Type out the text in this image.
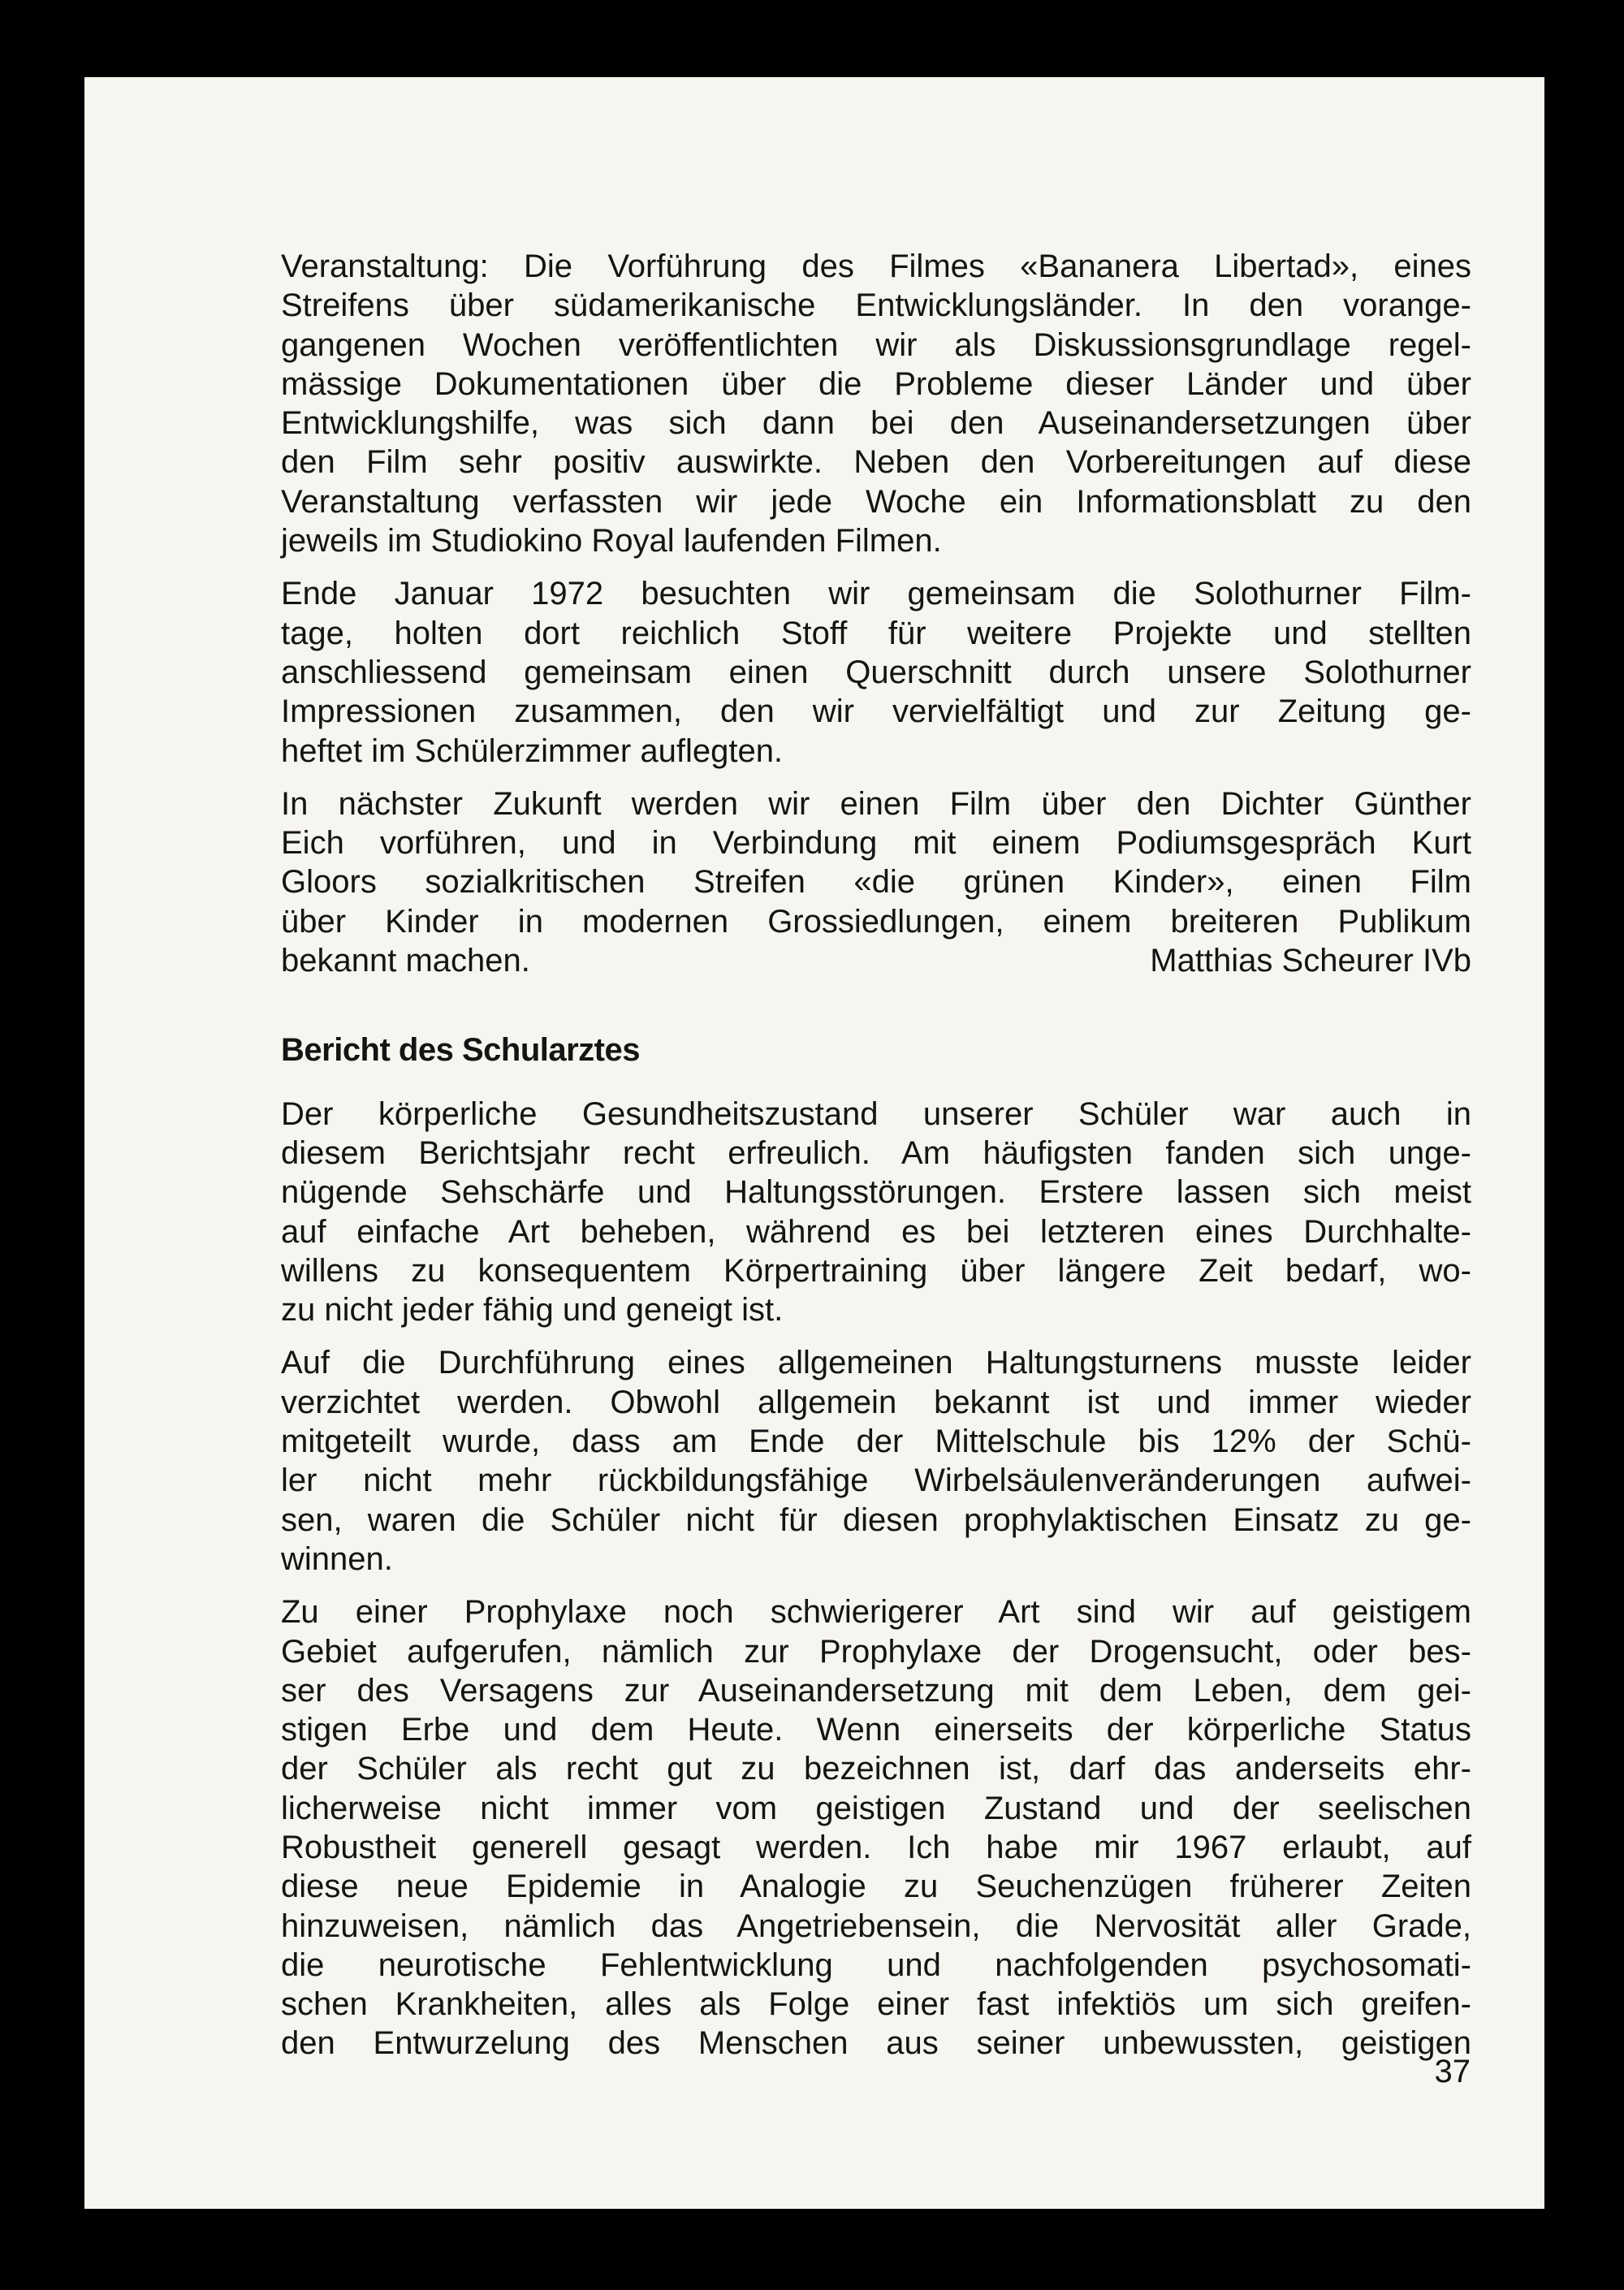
Veranstaltung: Die Vorführung des Filmes «Bananera Libertad», eines
Streifens über südamerikanische Entwicklungsländer. In den vorange-
gangenen Wochen veröffentlichten wir als Diskussionsgrundlage regel-
mässige Dokumentationen über die Probleme dieser Länder und über
Entwicklungshilfe, was sich dann bei den Auseinandersetzungen über
den Film sehr positiv auswirkte. Neben den Vorbereitungen auf diese
Veranstaltung verfassten wir jede Woche ein Informationsblatt zu den
jeweils im Studiokino Royal laufenden Filmen.
Ende Januar 1972 besuchten wir gemeinsam die Solothurner Film-
tage, holten dort reichlich Stoff für weitere Projekte und stellten
anschliessend gemeinsam einen Querschnitt durch unsere Solothurner
Impressionen zusammen, den wir vervielfältigt und zur Zeitung ge-
heftet im Schülerzimmer auflegten.
In nächster Zukunft werden wir einen Film über den Dichter Günther
Eich vorführen, und in Verbindung mit einem Podiumsgespräch Kurt
Gloors sozialkritischen Streifen «die grünen Kinder», einen Film
über Kinder in modernen Grossiedlungen, einem breiteren Publikum
bekannt machen.	Matthias Scheurer IVb
Bericht des Schularztes
Der körperliche Gesundheitszustand unserer Schüler war auch in
diesem Berichtsjahr recht erfreulich. Am häufigsten fanden sich unge-
nügende Sehschärfe und Haltungsstörungen. Erstere lassen sich meist
auf einfache Art beheben, während es bei letzteren eines Durchhalte-
willens zu konsequentem Körpertraining über längere Zeit bedarf, wo-
zu nicht jeder fähig und geneigt ist.
Auf die Durchführung eines allgemeinen Haltungsturnens musste leider
verzichtet werden. Obwohl allgemein bekannt ist und immer wieder
mitgeteilt wurde, dass am Ende der Mittelschule bis 12% der Schü-
ler nicht mehr rückbildungsfähige Wirbelsäulenveränderungen aufwei-
sen, waren die Schüler nicht für diesen prophylaktischen Einsatz zu ge-
winnen.
Zu einer Prophylaxe noch schwierigerer Art sind wir auf geistigem
Gebiet aufgerufen, nämlich zur Prophylaxe der Drogensucht, oder bes-
ser des Versagens zur Auseinandersetzung mit dem Leben, dem gei-
stigen Erbe und dem Heute. Wenn einerseits der körperliche Status
der Schüler als recht gut zu bezeichnen ist, darf das anderseits ehr-
licherweise nicht immer vom geistigen Zustand und der seelischen
Robustheit generell gesagt werden. Ich habe mir 1967 erlaubt, auf
diese neue Epidemie in Analogie zu Seuchenzügen früherer Zeiten
hinzuweisen, nämlich das Angetriebensein, die Nervosität aller Grade,
die neurotische Fehlentwicklung und nachfolgenden psychosomati-
schen Krankheiten, alles als Folge einer fast infektiös um sich greifen-
den Entwurzelung des Menschen aus seiner unbewussten, geistigen
37
